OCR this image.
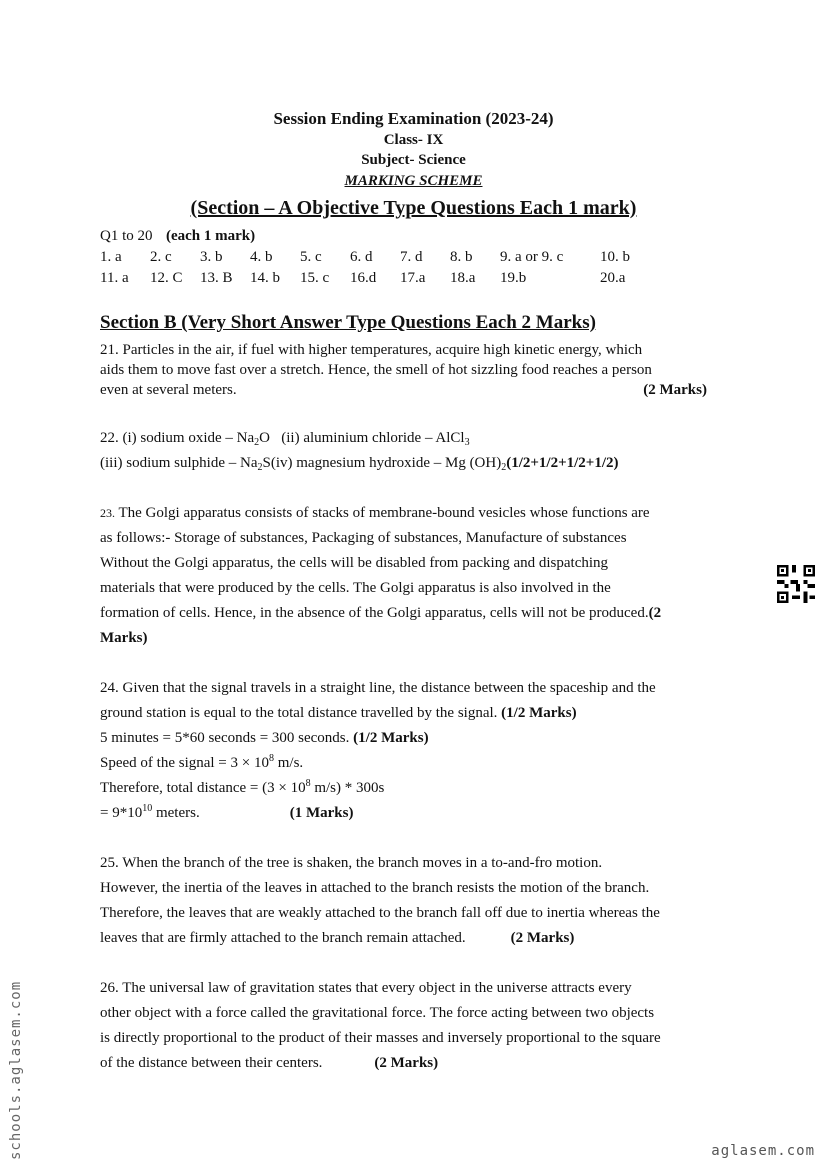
Session Ending Examination (2023-24)
Class- IX
Subject- Science
MARKING SCHEME
(Section – A Objective Type Questions Each 1 mark)
Q1 to 20 (each 1 mark)
1. a 2. c 3. b 4. b 5. c 6. d 7. d 8. b 9. a or 9. c 10. b
11. a 12. C 13. B 14. b 15. c 16.d 17.a 18.a 19.b	20.a
Section B (Very Short Answer Type Questions Each 2 Marks)
21. Particles in the air, if fuel with higher temperatures, acquire high kinetic energy, which
aids them to move fast over a stretch. Hence, the smell of hot sizzling food reaches a person
even at several meters.	(2 Marks)
22. (i) sodium oxide – Na 2 O   (ii) aluminium chloride – AlCl 3
(iii) sodium sulphide – Na 2 S(iv) magnesium hydroxide – Mg (OH) 2 (1/2+1/2+1/2+1/2)
23. The Golgi apparatus consists of stacks of membrane-bound vesicles whose functions are
as follows:- Storage of substances, Packaging of substances, Manufacture of substances
Without the Golgi apparatus, the cells will be disabled from packing and dispatching
materials that were produced by the cells. The Golgi apparatus is also involved in the
formation of cells. Hence, in the absence of the Golgi apparatus, cells will not be produced. (2
Marks)
24. Given that the signal travels in a straight line, the distance between the spaceship and the
ground station is equal to the total distance travelled by the signal. (1/2 Marks)
5 minutes = 5*60 seconds = 300 seconds. (1/2 Marks)
Speed of the signal = 3 × 10 8 m/s.
Therefore, total distance = (3 × 10 8 m/s) * 300s
= 9*10 10 meters.	(1 Marks)
25. When the branch of the tree is shaken, the branch moves in a to-and-fro motion.
However, the inertia of the leaves in attached to the branch resists the motion of the branch.
Therefore, the leaves that are weakly attached to the branch fall off due to inertia whereas the
leaves that are firmly attached to the branch remain attached.	(2 Marks)
26. The universal law of gravitation states that every object in the universe attracts every
other object with a force called the gravitational force. The force acting between two objects
is directly proportional to the product of their masses and inversely proportional to the square
of the distance between their centers.	(2 Marks)
schools.aglasem.com	aglasem.com
